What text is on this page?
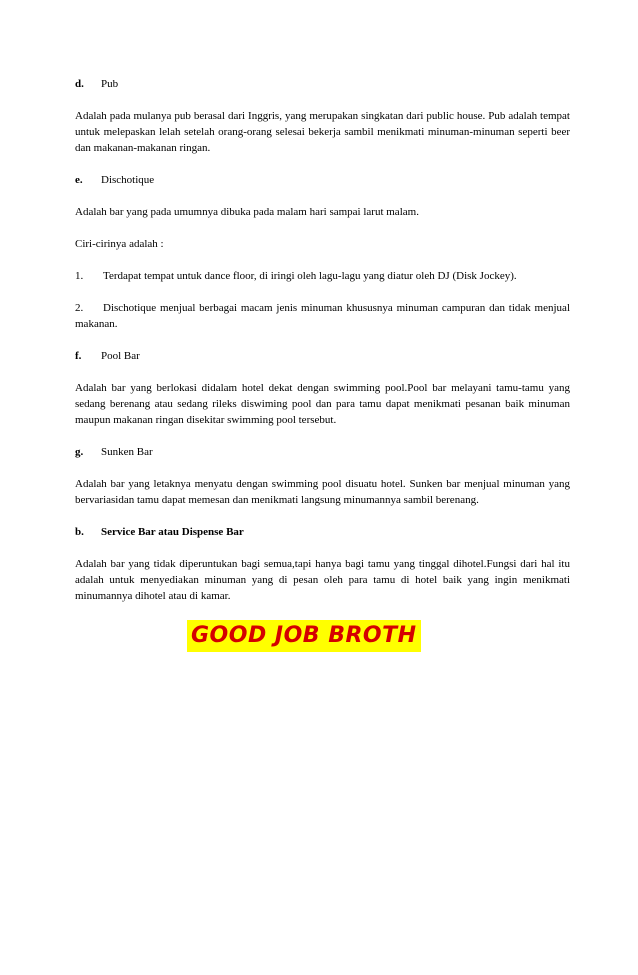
d. Pub

Adalah pada mulanya pub berasal dari Inggris, yang merupakan singkatan dari public house. Pub adalah tempat untuk melepaskan lelah setelah orang-orang selesai bekerja sambil menikmati minuman-minuman seperti beer dan makanan-makanan ringan.

e. Dischotique

Adalah bar yang pada umumnya dibuka pada malam hari sampai larut malam.

Ciri-cirinya adalah :

1. Terdapat tempat untuk dance floor, di iringi oleh lagu-lagu yang diatur oleh DJ (Disk Jockey).

2. Dischotique menjual berbagai macam jenis minuman khususnya minuman campuran dan tidak menjual makanan.

f. Pool Bar

Adalah bar yang berlokasi didalam hotel dekat dengan swimming pool.Pool bar melayani tamu-tamu yang sedang berenang atau sedang rileks diswiming pool dan para tamu dapat menikmati pesanan baik minuman maupun makanan ringan disekitar swimming pool tersebut.

g. Sunken Bar

Adalah bar yang letaknya menyatu dengan swimming pool disuatu hotel. Sunken bar menjual minuman yang bervariasidan tamu dapat memesan dan menikmati langsung minumannya sambil berenang.

b. Service Bar atau Dispense Bar

Adalah bar yang tidak diperuntukan bagi semua,tapi hanya bagi tamu yang tinggal dihotel.Fungsi dari hal itu adalah untuk menyediakan minuman yang di pesan oleh para tamu di hotel baik yang ingin menikmati minumannya dihotel atau di kamar.

GOOD JOB BROTH
